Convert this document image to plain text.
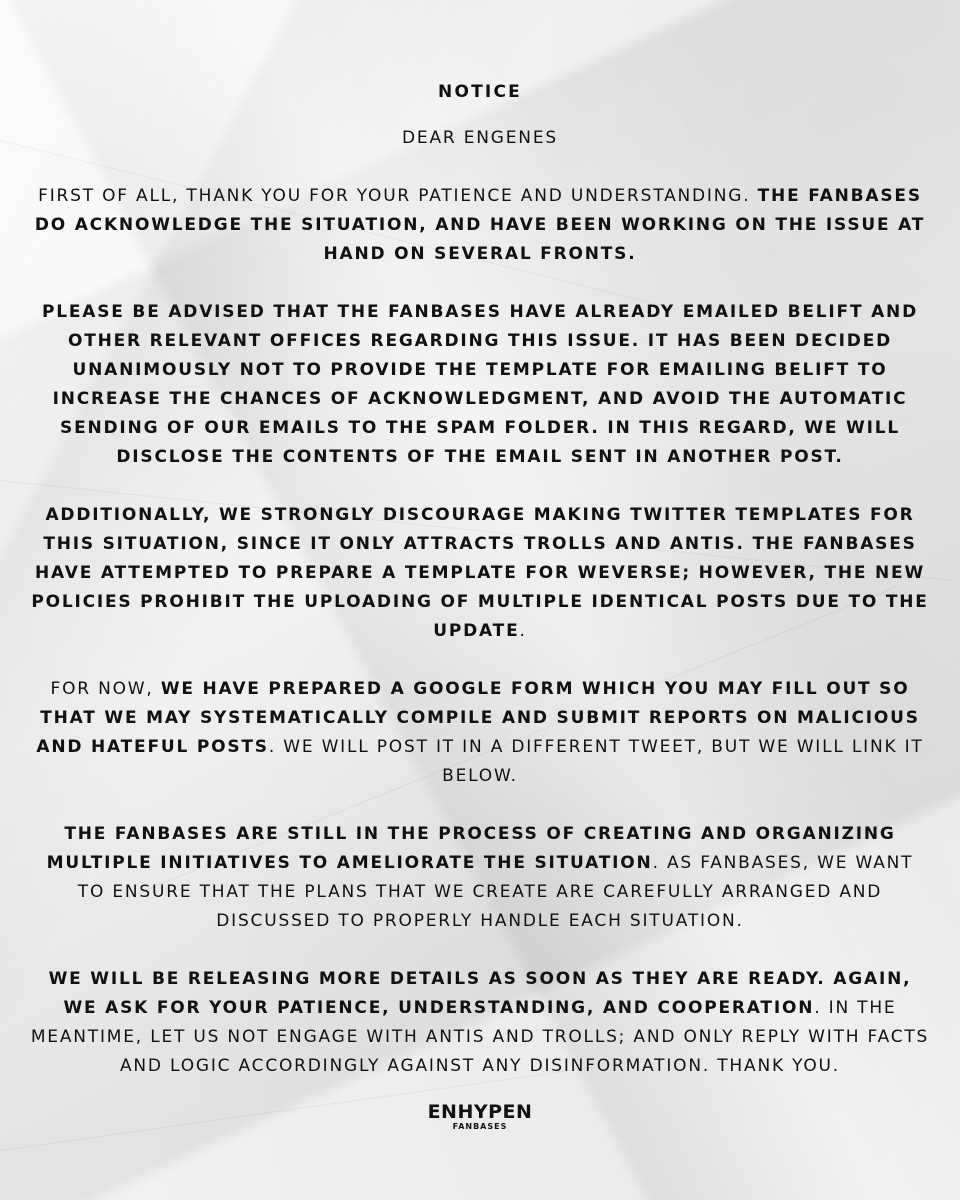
NOTICE

DEAR ENGENES

FIRST OF ALL, THANK YOU FOR YOUR PATIENCE AND UNDERSTANDING. THE FANBASES DO ACKNOWLEDGE THE SITUATION, AND HAVE BEEN WORKING ON THE ISSUE AT HAND ON SEVERAL FRONTS.

PLEASE BE ADVISED THAT THE FANBASES HAVE ALREADY EMAILED BELIFT AND OTHER RELEVANT OFFICES REGARDING THIS ISSUE. IT HAS BEEN DECIDED UNANIMOUSLY NOT TO PROVIDE THE TEMPLATE FOR EMAILING BELIFT TO INCREASE THE CHANCES OF ACKNOWLEDGMENT, AND AVOID THE AUTOMATIC SENDING OF OUR EMAILS TO THE SPAM FOLDER. IN THIS REGARD, WE WILL DISCLOSE THE CONTENTS OF THE EMAIL SENT IN ANOTHER POST.

ADDITIONALLY, WE STRONGLY DISCOURAGE MAKING TWITTER TEMPLATES FOR THIS SITUATION, SINCE IT ONLY ATTRACTS TROLLS AND ANTIS. THE FANBASES HAVE ATTEMPTED TO PREPARE A TEMPLATE FOR WEVERSE; HOWEVER, THE NEW POLICIES PROHIBIT THE UPLOADING OF MULTIPLE IDENTICAL POSTS DUE TO THE UPDATE.

FOR NOW, WE HAVE PREPARED A GOOGLE FORM WHICH YOU MAY FILL OUT SO THAT WE MAY SYSTEMATICALLY COMPILE AND SUBMIT REPORTS ON MALICIOUS AND HATEFUL POSTS. WE WILL POST IT IN A DIFFERENT TWEET, BUT WE WILL LINK IT BELOW.

THE FANBASES ARE STILL IN THE PROCESS OF CREATING AND ORGANIZING MULTIPLE INITIATIVES TO AMELIORATE THE SITUATION. AS FANBASES, WE WANT TO ENSURE THAT THE PLANS THAT WE CREATE ARE CAREFULLY ARRANGED AND DISCUSSED TO PROPERLY HANDLE EACH SITUATION.

WE WILL BE RELEASING MORE DETAILS AS SOON AS THEY ARE READY. AGAIN, WE ASK FOR YOUR PATIENCE, UNDERSTANDING, AND COOPERATION. IN THE MEANTIME, LET US NOT ENGAGE WITH ANTIS AND TROLLS; AND ONLY REPLY WITH FACTS AND LOGIC ACCORDINGLY AGAINST ANY DISINFORMATION. THANK YOU.

ENHYPEN
FANBASES
